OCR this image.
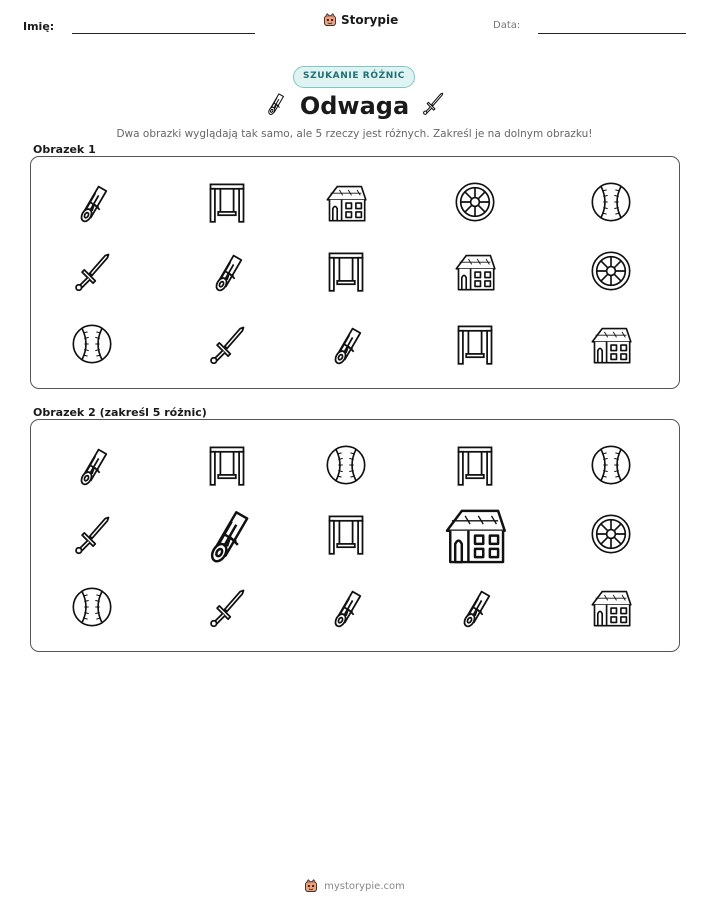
Imię:	Storypie	Data:
SZUKANIE RÓŻNIC
Odwaga
Dwa obrazki wyglądają tak samo, ale 5 rzeczy jest różnych. Zakreśl je na dolnym obrazku!
Obrazek 1
Obrazek 2 (zakreśl 5 różnic)
mystorypie.com
